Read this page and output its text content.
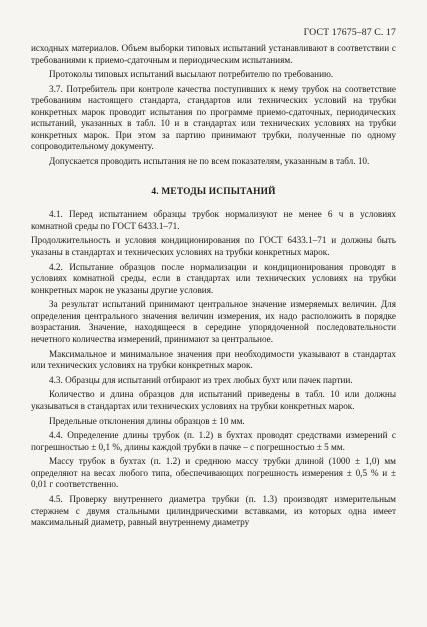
ГОСТ 17675–87 С. 17

исходных материалов. Объем выборки типовых испытаний устанавливают в соответствии с требованиями к приемо-сдаточным и периодическим испытаниям.

Протоколы типовых испытаний высылают потребителю по требованию.

3.7. Потребитель при контроле качества поступивших к нему трубок на соответствие требованиям настоящего стандарта, стандартов или технических условий на трубки конкретных марок проводит испытания по программе приемо-сдаточных, периодических испытаний, указанных в табл. 10 и в стандартах или технических условиях на трубки конкретных марок. При этом за партию принимают трубки, полученные по одному сопроводительному документу.

Допускается проводить испытания не по всем показателям, указанным в табл. 10.

4. МЕТОДЫ ИСПЫТАНИЙ

4.1. Перед испытанием образцы трубок нормализуют не менее 6 ч в условиях комнатной среды по ГОСТ 6433.1–71.

Продолжительность и условия кондиционирования по ГОСТ 6433.1–71 и должны быть указаны в стандартах и технических условиях на трубки конкретных марок.

4.2. Испытание образцов после нормализации и кондиционирования проводят в условиях комнатной среды, если в стандартах или технических условиях на трубки конкретных марок не указаны другие условия.

За результат испытаний принимают центральное значение измеряемых величин. Для определения центрального значения величин измерения, их надо расположить в порядке возрастания. Значение, находящееся в середине упорядоченной последовательности нечетного количества измерений, принимают за центральное.

Максимальное и минимальное значения при необходимости указывают в стандартах или технических условиях на трубки конкретных марок.

4.3. Образцы для испытаний отбирают из трех любых бухт или пачек партии.

Количество и длина образцов для испытаний приведены в табл. 10 или должны указываться в стандартах или технических условиях на трубки конкретных марок.

Предельные отклонения длины образцов ± 10 мм.

4.4. Определение длины трубок (п. 1.2) в бухтах проводят средствами измерений с погрешностью ± 0,1 %, длины каждой трубки в пачке – с погрешностью ± 5 мм.

Массу трубок в бухтах (п. 1.2) и среднюю массу трубки длиной (1000 ± 1,0) мм определяют на весах любого типа, обеспечивающих погрешность измерения ± 0,5 % и ± 0,01 г соответственно.

4.5. Проверку внутреннего диаметра трубки (п. 1.3) производят измерительным стержнем с двумя стальными цилиндрическими вставками, из которых одна имеет максимальный диаметр, равный внутреннему диаметру
